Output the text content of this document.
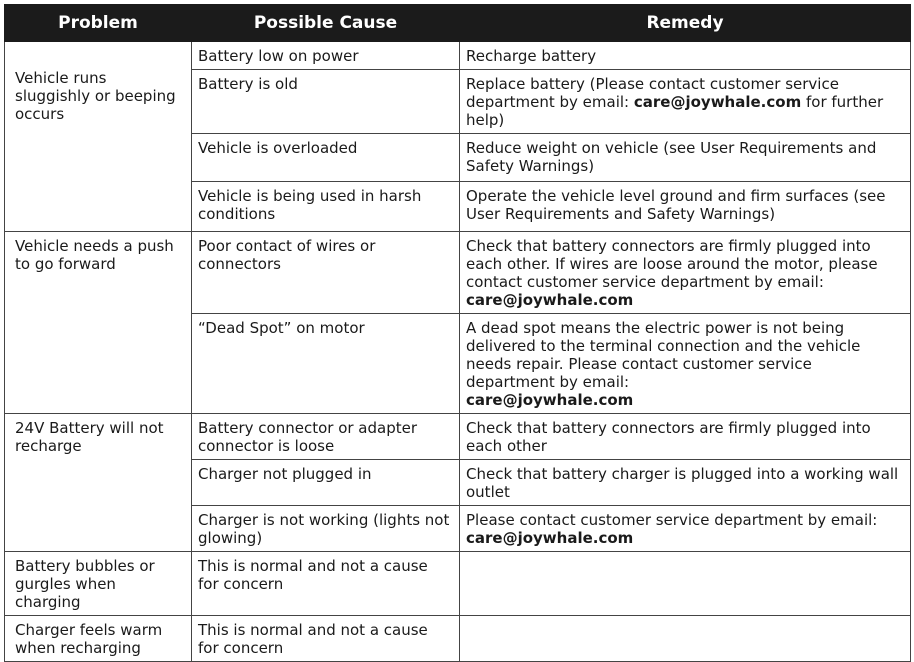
Problem	Possible Cause	Remedy

Vehicle runs sluggishly or beeping occurs	Battery low on power	Recharge battery
	Battery is old	Replace battery (Please contact customer service department by email: care@joywhale.com for further help)
	Vehicle is overloaded	Reduce weight on vehicle (see User Requirements and Safety Warnings)
	Vehicle is being used in harsh conditions	Operate the vehicle level ground and firm surfaces (see User Requirements and Safety Warnings)
Vehicle needs a push to go forward	Poor contact of wires or connectors	Check that battery connectors are firmly plugged into each other. If wires are loose around the motor, please contact customer service department by email: care@joywhale.com
	“Dead Spot” on motor	A dead spot means the electric power is not being delivered to the terminal connection and the vehicle needs repair. Please contact customer service department by email:
care@joywhale.com
24V Battery will not recharge	Battery connector or adapter connector is loose	Check that battery connectors are firmly plugged into each other
	Charger not plugged in	Check that battery charger is plugged into a working wall outlet
	Charger is not working (lights not glowing)	Please contact customer service department by email:
care@joywhale.com
Battery bubbles or gurgles when charging	This is normal and not a cause for concern	
Charger feels warm when recharging	This is normal and not a cause for concern	
